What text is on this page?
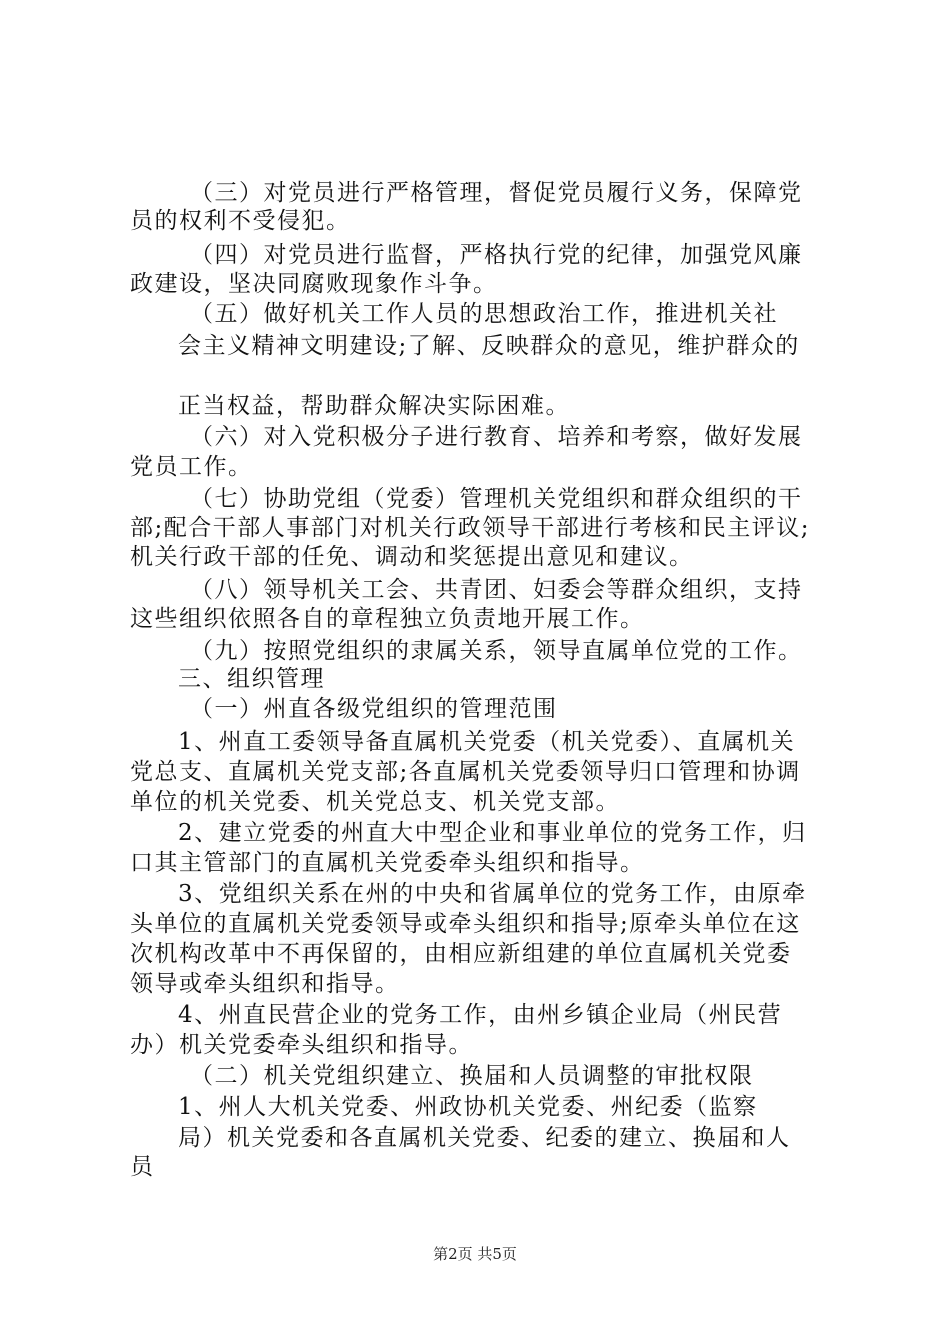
（三）对党员进行严格管理，督促党员履行义务，保障党
员的权利不受侵犯。
（四）对党员进行监督，严格执行党的纪律，加强党风廉
政建设，坚决同腐败现象作斗争。
（五）做好机关工作人员的思想政治工作，推进机关社
会主义精神文明建设;了解、反映群众的意见，维护群众的
正当权益，帮助群众解决实际困难。
（六）对入党积极分子进行教育、培养和考察，做好发展
党员工作。
（七）协助党组（党委）管理机关党组织和群众组织的干
部;配合干部人事部门对机关行政领导干部进行考核和民主评议;
机关行政干部的任免、调动和奖惩提出意见和建议。
（八）领导机关工会、共青团、妇委会等群众组织，支持
这些组织依照各自的章程独立负责地开展工作。
（九）按照党组织的隶属关系，领导直属单位党的工作。
三、组织管理
（一）州直各级党组织的管理范围
1、州直工委领导备直属机关党委（机关党委）、直属机关
党总支、直属机关党支部;各直属机关党委领导归口管理和协调
单位的机关党委、机关党总支、机关党支部。
2、建立党委的州直大中型企业和事业单位的党务工作，归
口其主管部门的直属机关党委牵头组织和指导。
3、党组织关系在州的中央和省属单位的党务工作，由原牵
头单位的直属机关党委领导或牵头组织和指导;原牵头单位在这
次机构改革中不再保留的，由相应新组建的单位直属机关党委
领导或牵头组织和指导。
4、州直民营企业的党务工作，由州乡镇企业局（州民营
办）机关党委牵头组织和指导。
（二）机关党组织建立、换届和人员调整的审批权限
1、州人大机关党委、州政协机关党委、州纪委（监察
局）机关党委和各直属机关党委、纪委的建立、换届和人
员
第2页 共5页
